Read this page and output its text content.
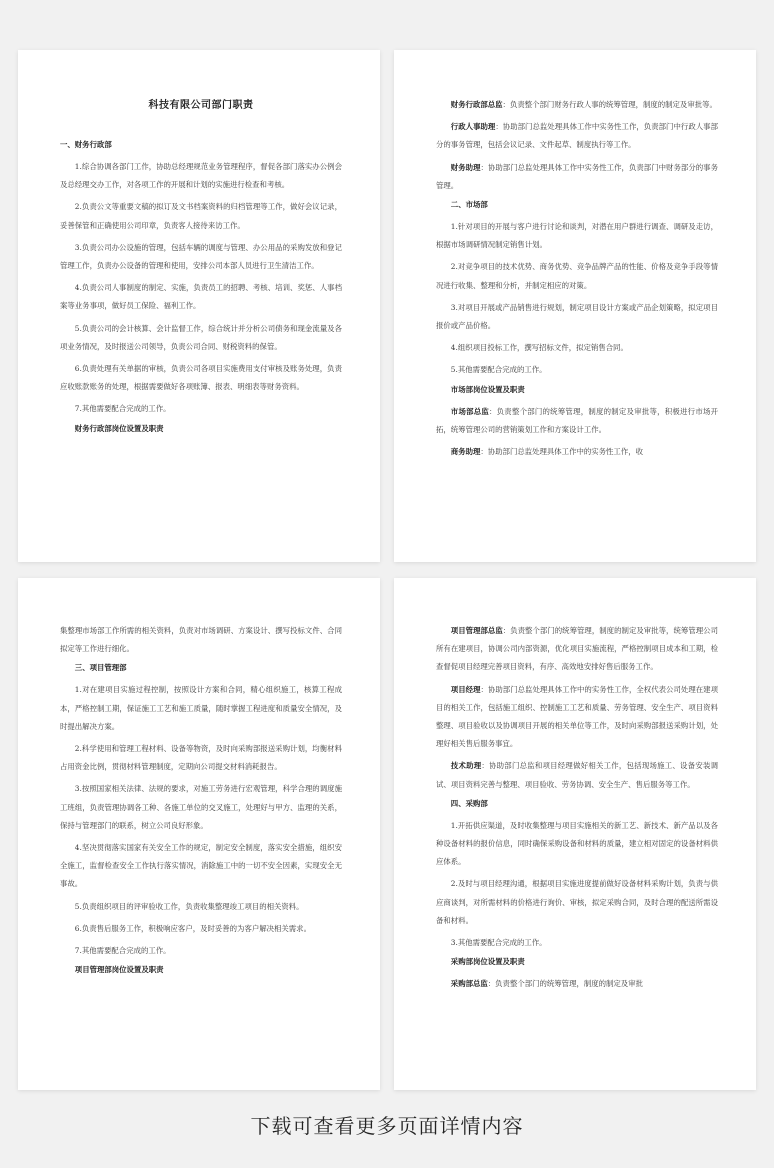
科技有限公司部门职责
一、财务行政部

1.综合协调各部门工作，协助总经理规范业务管理程序，督促各部门落实办公例会及总经理交办工作，对各项工作的开展和计划的实施进行检查和考核。

2.负责公文等重要文稿的拟订及文书档案资料的归档管理等工作，做好会议记录，妥善保管和正确使用公司印章，负责客人接待来访工作。

3.负责公司办公设施的管理，包括车辆的调度与管理、办公用品的采购发放和登记管理工作，负责办公设备的管理和使用，安排公司本部人员进行卫生清洁工作。

4.负责公司人事制度的制定、实施，负责员工的招聘、考核、培训、奖惩、人事档案等业务事项，做好员工保险、福利工作。

5.负责公司的会计核算、会计监督工作，综合统计并分析公司债务和现金流量及各项业务情况，及时报送公司领导，负责公司合同、财税资料的保管。

6.负责处理有关单据的审核，负责公司各项目实施费用支付审核及账务处理，负责应收账款账务的处理，根据需要做好各项账簿、报表、明细表等财务资料。

7.其他需要配合完成的工作。

财务行政部岗位设置及职责

财务行政部总监：负责整个部门财务行政人事的统筹管理，制度的制定及审批等。

行政人事助理：协助部门总监处理具体工作中实务性工作，负责部门中行政人事部分的事务管理，包括会议记录、文件起草、制度执行等工作。

财务助理：协助部门总监处理具体工作中实务性工作，负责部门中财务部分的事务管理。

二、市场部

1.针对项目的开展与客户进行讨论和谈判，对潜在用户群进行调查、调研及走访，根据市场调研情况制定销售计划。

2.对竞争项目的技术优势、商务优势、竞争品牌产品的性能、价格及竞争手段等情况进行收集、整理和分析，并制定相应的对策。

3.对项目开展或产品销售进行规划，制定项目设计方案或产品企划策略，拟定项目报价或产品价格。

4.组织项目投标工作，撰写招标文件，拟定销售合同。

5.其他需要配合完成的工作。

市场部岗位设置及职责

市场部总监：负责整个部门的统筹管理，制度的制定及审批等，积极进行市场开拓，统筹管理公司的营销策划工作和方案设计工作。

商务助理：协助部门总监处理具体工作中的实务性工作，收

集整理市场部工作所需的相关资料，负责对市场调研、方案设计、撰写投标文件、合同拟定等工作进行细化。

三、项目管理部

1.对在建项目实施过程控制，按照设计方案和合同，精心组织施工，核算工程成本，严格控制工期，保证施工工艺和施工质量，随时掌握工程进度和质量安全情况，及时提出解决方案。

2.科学使用和管理工程材料、设备等物资，及时向采购部报送采购计划，均衡材料占用资金比例，贯彻材料管理制度，定期向公司提交材料消耗报告。

3.按照国家相关法律、法规的要求，对施工劳务进行宏观管理，科学合理的调度施工班组，负责管理协调各工种、各施工单位的交叉施工，处理好与甲方、监理的关系，保持与管理部门的联系，树立公司良好形象。

4.坚决贯彻落实国家有关安全工作的规定，制定安全制度，落实安全措施，组织安全施工，监督检查安全工作执行落实情况，消除施工中的一切不安全因素，实现安全无事故。

5.负责组织项目的评审验收工作，负责收集整理竣工项目的相关资料。

6.负责售后服务工作，积极响应客户，及时妥善的为客户解决相关需求。

7.其他需要配合完成的工作。

项目管理部岗位设置及职责

项目管理部总监：负责整个部门的统筹管理，制度的制定及审批等，统筹管理公司所有在建项目，协调公司内部资源，优化项目实施流程，严格控制项目成本和工期，检查督促项目经理完善项目资料，有序、高效地安排好售后服务工作。

项目经理：协助部门总监处理具体工作中的实务性工作，全权代表公司处理在建项目的相关工作，包括施工组织、控制施工工艺和质量、劳务管理、安全生产、项目资料整理、项目验收以及协调项目开展的相关单位等工作，及时向采购部报送采购计划，处理好相关售后服务事宜。

技术助理：协助部门总监和项目经理做好相关工作，包括现场施工、设备安装调试、项目资料完善与整理、项目验收、劳务协调、安全生产、售后服务等工作。

四、采购部

1.开拓供应渠道，及时收集整理与项目实施相关的新工艺、新技术、新产品以及各种设备材料的报价信息，同时确保采购设备和材料的质量，建立相对固定的设备材料供应体系。

2.及时与项目经理沟通，根据项目实施进度提前做好设备材料采购计划，负责与供应商谈判，对所需材料的价格进行询价、审核，拟定采购合同，及时合理的配送所需设备和材料。

3.其他需要配合完成的工作。

采购部岗位设置及职责

采购部总监：负责整个部门的统筹管理，制度的制定及审批

下载可查看更多页面详情内容
